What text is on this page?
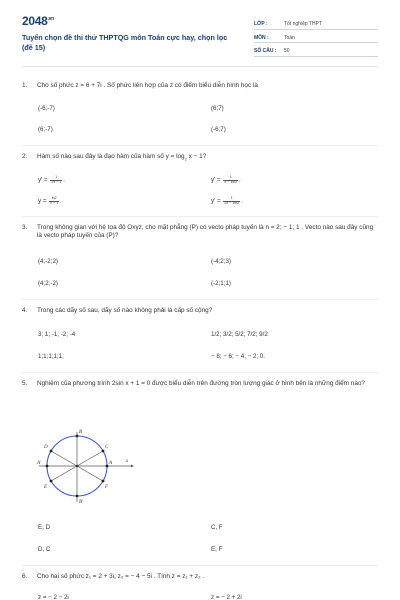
$2048^{.vn}$
Tuyển chọn đề thi thử THPTQG môn Toán cực hay, chọn lọc (đề 15)
LỚP :	Tốt nghiệp THPT
MÔN :	Toán
SỐ CÂU :	50
1.	Cho số phức z = 6 + 7i . Số phức liên hợp của z có điểm biểu diễn hình học là
(-6;-7)	(6;7)
(6;-7)	(-6;7)
2.	Hàm số nào sau đây là đạo hàm của hàm số $y = \log_2 x - 1$?
$y' = \frac{1}{2x - 1}$ .	$y' = \frac{1}{x - 1\ln 2}$ .
$y = \frac{\ln 2}{x - 1}$ .	$y' = \frac{1}{2x - 1\ln 2}$ .
3.	Trong không gian với hệ tọa độ Oxyz, cho mặt phẳng (P) có vecto pháp tuyến là n = 2; − 1; 1 . Vecto nào sau đây cũng là vecto pháp tuyến của (P)?
(4;-2;2)	(-4;2;3)
(4;2;-2)	(-2;1;1)
4.	Trong các dãy số sau, dãy số nào không phải là cấp số cộng?
3; 1; -1; -2; -4	1/2; 3/2; 5/2; 7/2; 9/2
1;1;1;1;1;	− 8; − 6; − 4; − 2; 0.
5.	Nghiệm của phương trình 2sin x + 1 = 0 được biểu diễn trên đường tròn lượng giác ở hình bên là những điểm nào?
B
C
D
A'	A
E	F
B'
x
E, D	C, F
D, C	E, F
6.	Cho hai số phức z₁ = 2 + 3i, z₂ = − 4 − 5i . Tính z = z₁ + z₂ .
z = − 2 − 2i	z = − 2 + 2i
